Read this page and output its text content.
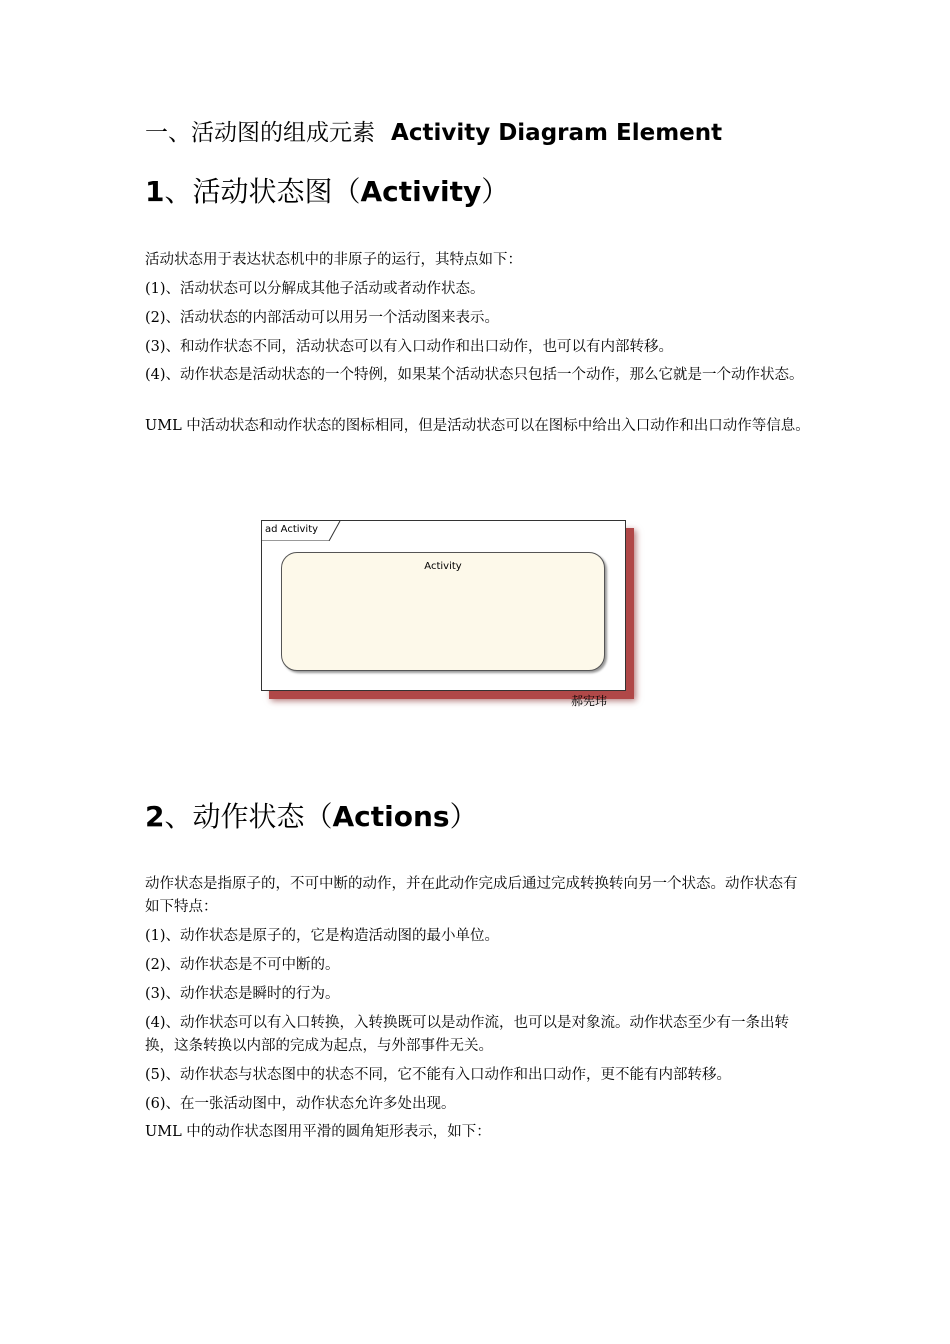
一、活动图的组成元素 Activity Diagram Element
1、活动状态图（Activity）

活动状态用于表达状态机中的非原子的运行，其特点如下：

(1)、活动状态可以分解成其他子活动或者动作状态。

(2)、活动状态的内部活动可以用另一个活动图来表示。

(3)、和动作状态不同，活动状态可以有入口动作和出口动作，也可以有内部转移。

(4)、动作状态是活动状态的一个特例，如果某个活动状态只包括一个动作，那么它就是一个动作状态。

UML 中活动状态和动作状态的图标相同，但是活动状态可以在图标中给出入口动作和出口动作等信息。

ad Activity
Activity
郝宪玮
2、动作状态（Actions）

动作状态是指原子的，不可中断的动作，并在此动作完成后通过完成转换转向另一个状态。动作状态有如下特点：

(1)、动作状态是原子的，它是构造活动图的最小单位。

(2)、动作状态是不可中断的。

(3)、动作状态是瞬时的行为。

(4)、动作状态可以有入口转换，入转换既可以是动作流，也可以是对象流。动作状态至少有一条出转换，这条转换以内部的完成为起点，与外部事件无关。

(5)、动作状态与状态图中的状态不同，它不能有入口动作和出口动作，更不能有内部转移。

(6)、在一张活动图中，动作状态允许多处出现。

UML 中的动作状态图用平滑的圆角矩形表示，如下：
